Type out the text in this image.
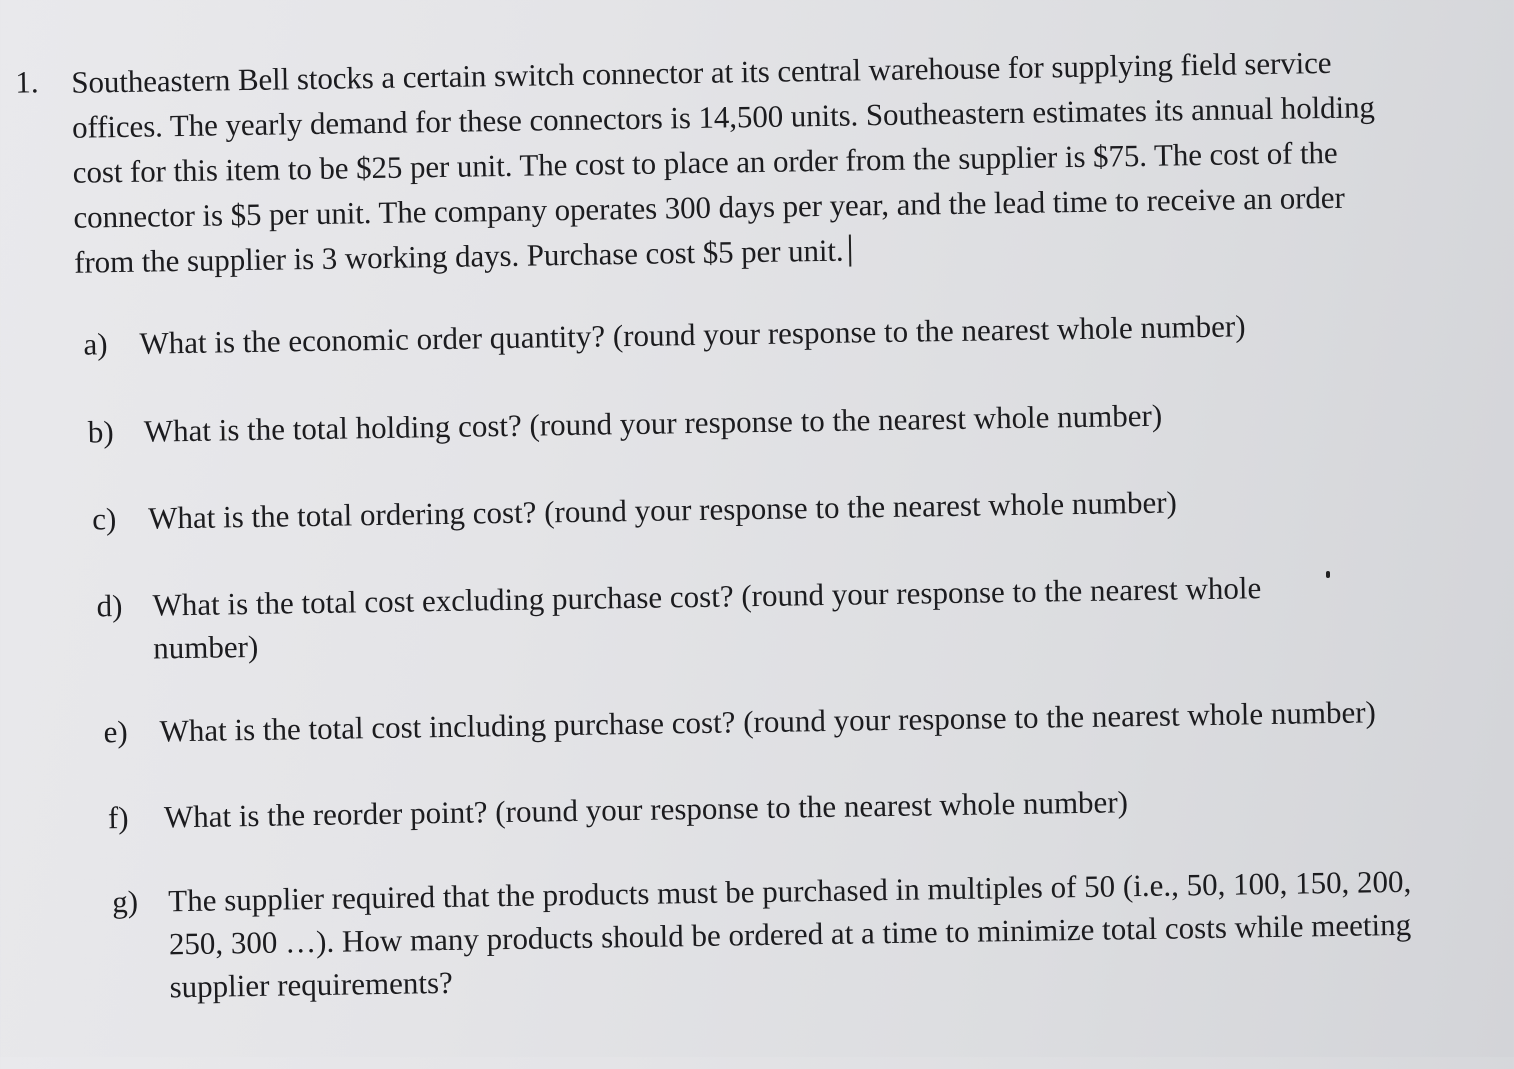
1. Southeastern Bell stocks a certain switch connector at its central warehouse for supplying field service offices. The yearly demand for these connectors is 14,500 units. Southeastern estimates its annual holding cost for this item to be $25 per unit. The cost to place an order from the supplier is $75. The cost of the connector is $5 per unit. The company operates 300 days per year, and the lead time to receive an order from the supplier is 3 working days. Purchase cost $5 per unit.
a)	What is the economic order quantity? (round your response to the nearest whole number)
b) What is the total holding cost? (round your response to the nearest whole number)
c)	What is the total ordering cost? (round your response to the nearest whole number)
d) What is the total cost excluding purchase cost? (round your response to the nearest whole number)
e)	What is the total cost including purchase cost? (round your response to the nearest whole number)
f)	What is the reorder point? (round your response to the nearest whole number)
g) The supplier required that the products must be purchased in multiples of 50 (i.e., 50, 100, 150, 200, 250, 300 …). How many products should be ordered at a time to minimize total costs while meeting supplier requirements?
